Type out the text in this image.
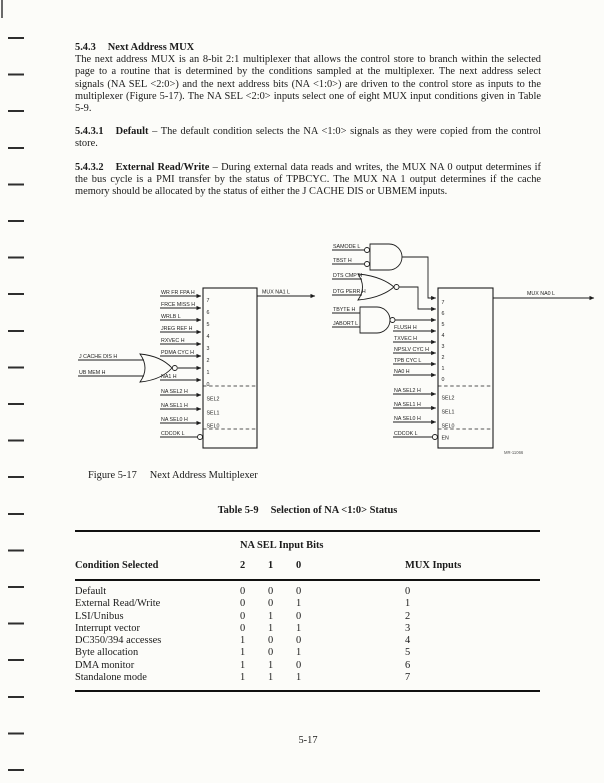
5.4.3 Next Address MUX

The next address MUX is an 8-bit 2:1 multiplexer that allows the control store to branch within the selected page to a routine that is determined by the conditions sampled at the multiplexer. The next address select signals (NA SEL <2:0>) and the next address bits (NA <1:0>) are driven to the control store as inputs to the multiplexer (Figure 5-17). The NA SEL <2:0> inputs select one of eight MUX input conditions given in Table 5-9.

5.4.3.1 Default – The default condition selects the NA <1:0> signals as they were copied from the control store.

5.4.3.2 External Read/Write – During external data reads and writes, the MUX NA 0 output determines if the bus cycle is a PMI transfer by the status of TPBCYC. The MUX NA 1 output determines if the cache memory should be allocated by the status of either the J CACHE DIS or UBMEM inputs.

WR FR FPA H
FRCE MISS H
WRLB L
JREG REF H
RXVEC H
PDMA CYC H
NA1 H
7
6
5
4
3
2
1
0
J CACHE DIS H
UB MEM H
NA SEL2 H
NA SEL1 H
NA SEL0 H
SEL2
SEL1
SEL0
CDCOK L
MUX NA1 L
SAMODE L
TBST H
DTS CMP H
DTG PERR H
TBYTE H
JABORT L
FLUSH H
TXVEC H
NPSLV CYC H
TPB CYC L
NA0 H
7
6
5
4
3
2
1
0
NA SEL2 H
NA SEL1 H
NA SEL0 H
SEL2
SEL1
SEL0
CDCOK L
EN
MUX NA0 L
MR-11066
Figure 5-17 Next Address Multiplexer
Table 5-9 Selection of NA <1:0> Status
	NA SEL Input Bits			
Condition Selected	2	1	0	MUX Inputs
Default	0	0	0	0
External Read/Write	0	0	1	1
LSI/Unibus	0	1	0	2
Interrupt vector	0	1	1	3
DC350/394 accesses	1	0	0	4
Byte allocation	1	0	1	5
DMA monitor	1	1	0	6
Standalone mode	1	1	1	7
5-17
